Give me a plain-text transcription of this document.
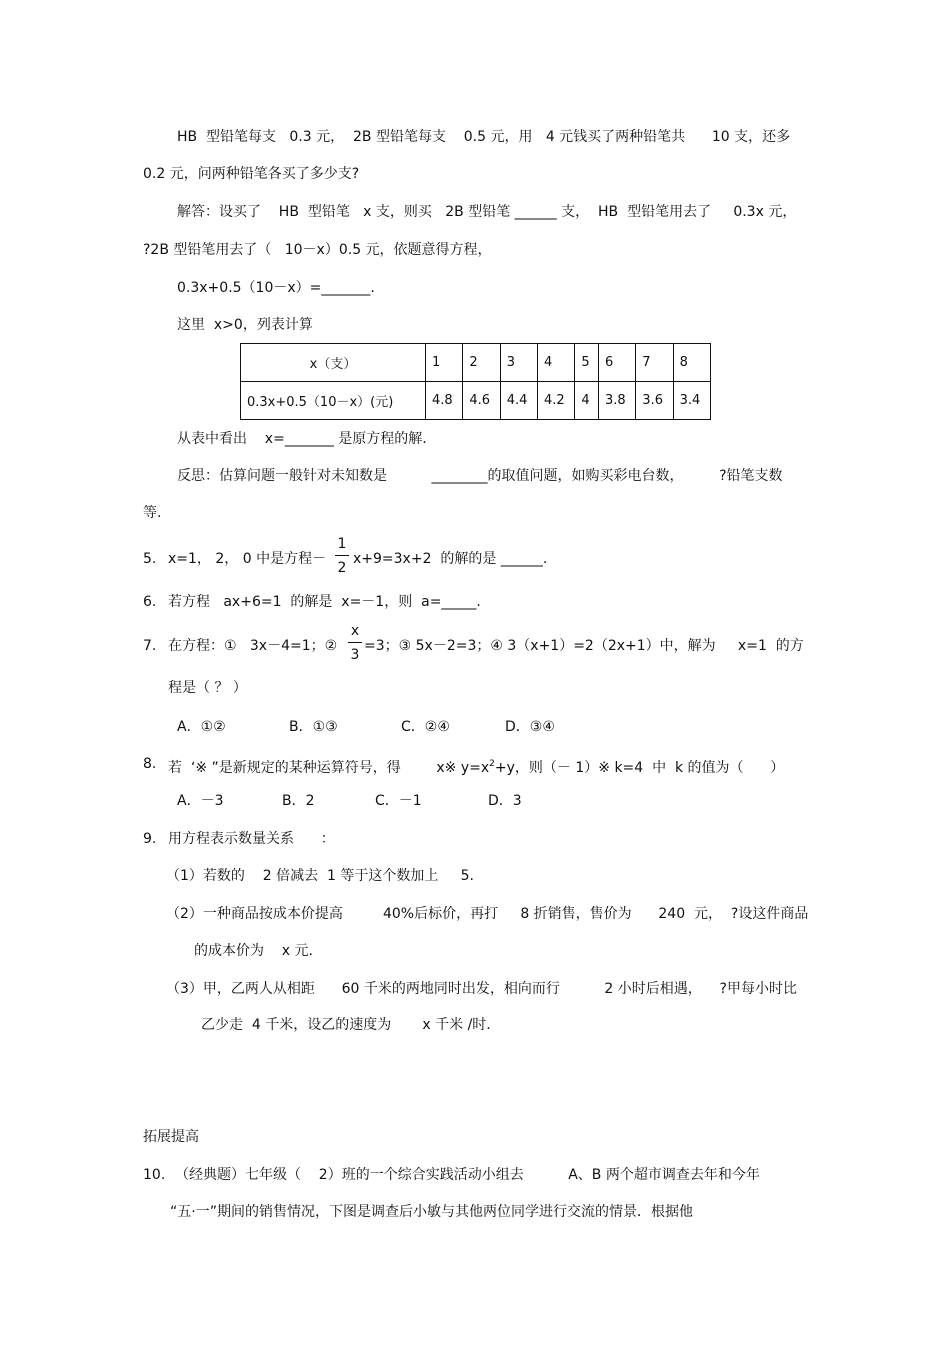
HB  型铅笔每支   0.3 元，  2B 型铅笔每支    0.5 元，用   4 元钱买了两种铅笔共      10 支，还多
0.2 元，问两种铅笔各买了多少支?
解答：设买了    HB  型铅笔   x 支，则买   2B 型铅笔 ______ 支，  HB  型铅笔用去了     0.3x 元，
?2B 型铅笔用去了（   10－x）0.5 元，依题意得方程，
0.3x+0.5（10－x）=_______.
这里  x>0，列表计算
x（支）	1	2	3	4	5	6	7	8
0.3x+0.5（10－x）(元)	4.8	4.6	4.4	4.2	4	3.8	3.6	3.4
从表中看出    x=_______ 是原方程的解.
反思：估算问题一般针对未知数是          ________的取值问题，如购买彩电台数，        ?铅笔支数
等.
5. x=1， 2， 0 中是方程－
1
2
x+9=3x+2  的解的是 ______.
6. 若方程   ax+6=1  的解是  x=－1，则  a=_____.
7. 在方程：①   3x－4=1；②
x
3
=3；③ 5x－2=3；④ 3（x+1）=2（2x+1）中，解为     x=1  的方
程是（ ？ ）
A．①②	B．①③	C．②④	D．③④
8. 若  ‘※ ”是新规定的某种运算符号，得        x※ $y=x^2+y$，则（－ 1）※ k=4  中  k 的值为（      ）
A．－3	B．2	C．－1	D．3
9. 用方程表示数量关系      ：
（1）若数的    2 倍减去  1 等于这个数加上     5.
（2）一种商品按成本价提高         40%后标价，再打     8 折销售，售价为      240  元，  ?设这件商品
的成本价为    x 元.
（3）甲，乙两人从相距      60 千米的两地同时出发，相向而行          2 小时后相遇，    ?甲每小时比
乙少走  4 千米，设乙的速度为       x 千米 /时.
拓展提高
10. （经典题）七年级（    2）班的一个综合实践活动小组去          A、B 两个超市调查去年和今年
“五·一”期间的销售情况，下图是调查后小敏与其他两位同学进行交流的情景．根据他
